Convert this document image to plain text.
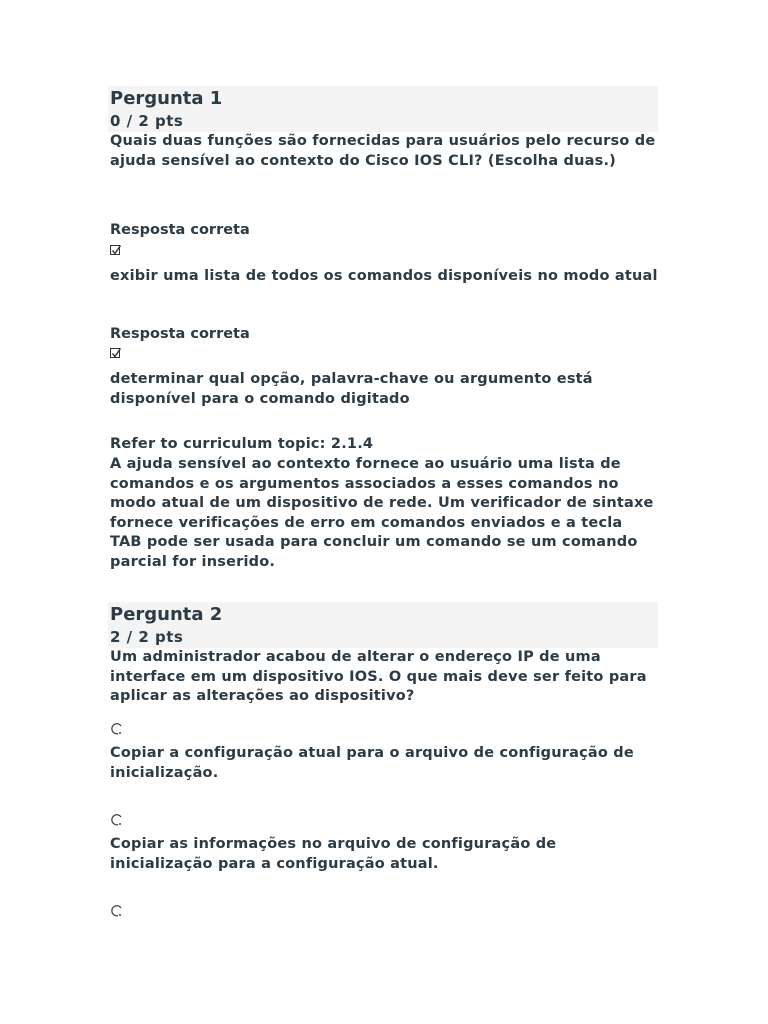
Pergunta 1
0 / 2 pts
Quais duas funções são fornecidas para usuários pelo recurso de ajuda sensível ao contexto do Cisco IOS CLI? (Escolha duas.)
Resposta correta
exibir uma lista de todos os comandos disponíveis no modo atual
Resposta correta
determinar qual opção, palavra-chave ou argumento está disponível para o comando digitado
Refer to curriculum topic: 2.1.4
A ajuda sensível ao contexto fornece ao usuário uma lista de comandos e os argumentos associados a esses comandos no modo atual de um dispositivo de rede. Um verificador de sintaxe fornece verificações de erro em comandos enviados e a tecla TAB pode ser usada para concluir um comando se um comando parcial for inserido.
Pergunta 2
2 / 2 pts
Um administrador acabou de alterar o endereço IP de uma interface em um dispositivo IOS. O que mais deve ser feito para aplicar as alterações ao dispositivo?
Copiar a configuração atual para o arquivo de configuração de inicialização.
Copiar as informações no arquivo de configuração de inicialização para a configuração atual.
